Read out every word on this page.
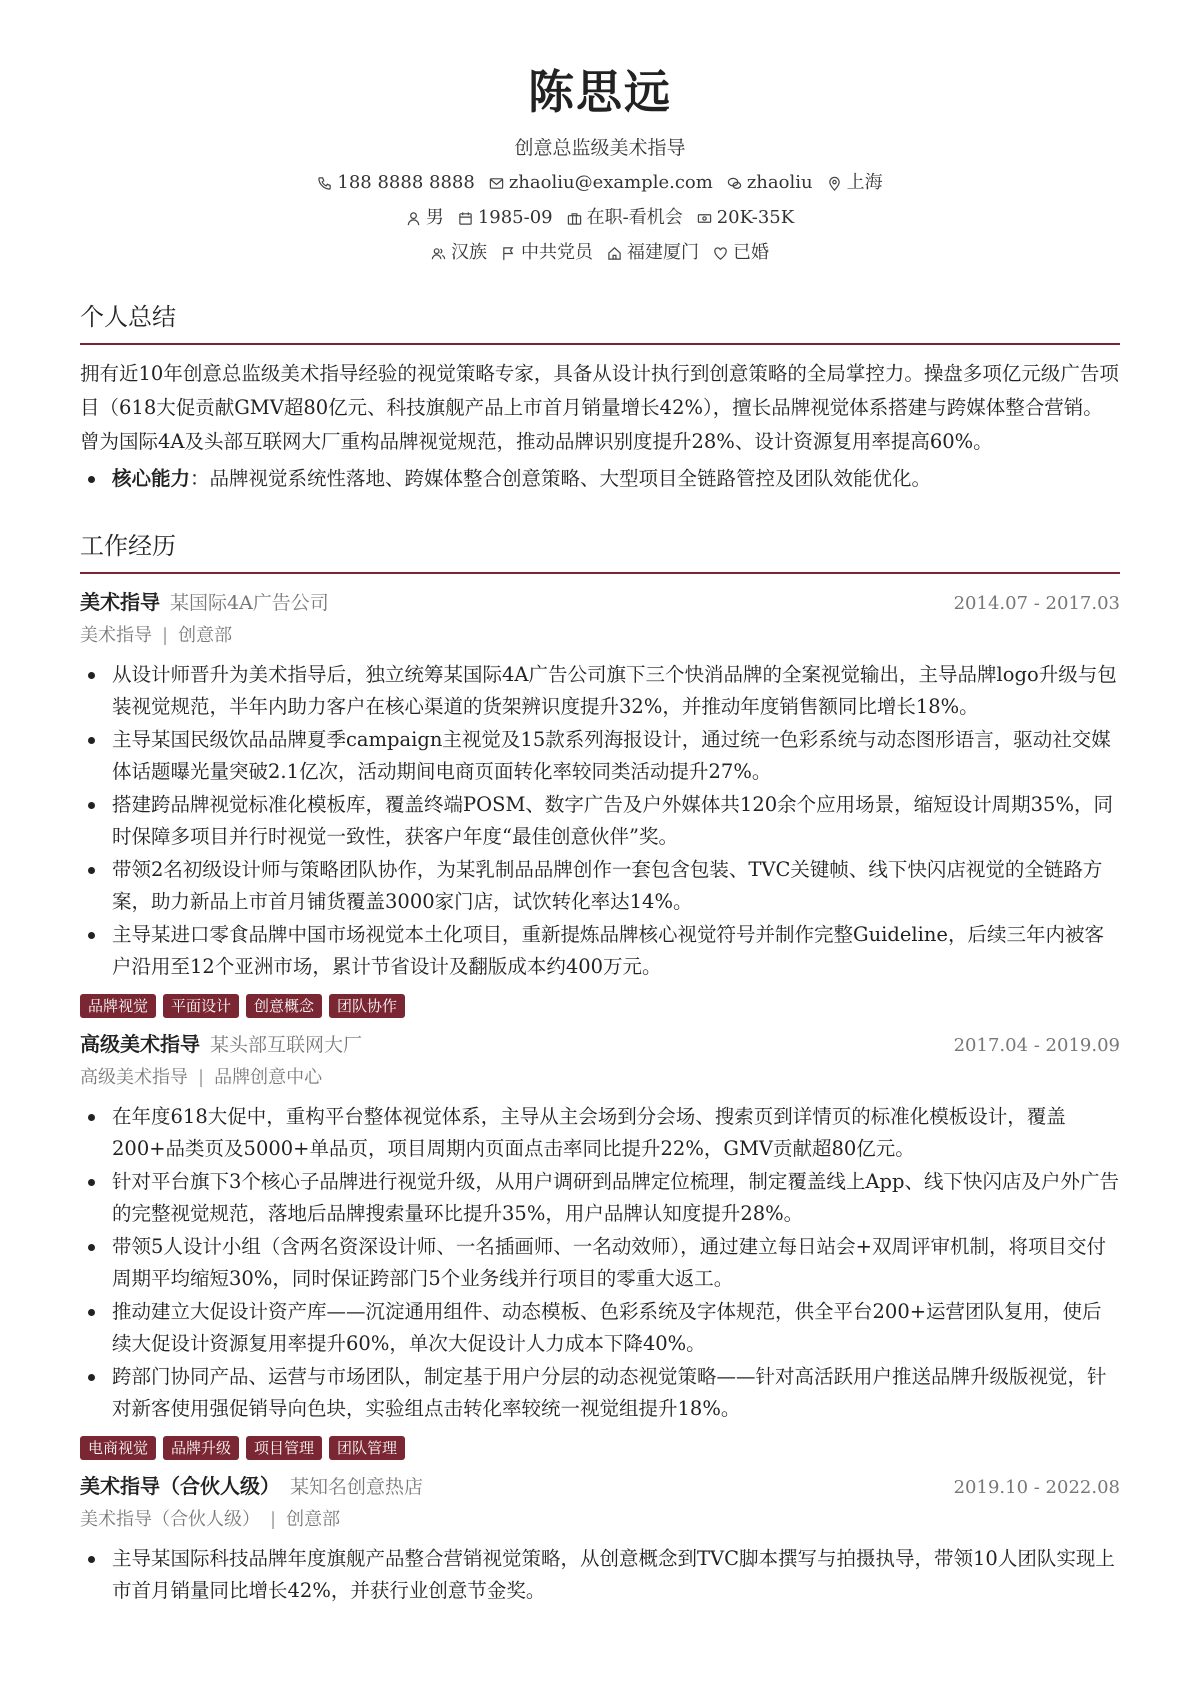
陈思远
创意总监级美术指导
188 8888 8888 zhaoliu@example.com zhaoliu 上海
男 1985-09 在职-看机会 20K-35K
汉族 中共党员 福建厦门 已婚
个人总结
拥有近10年创意总监级美术指导经验的视觉策略专家，具备从设计执行到创意策略的全局掌控力。操盘多项亿元级广告项目（618大促贡献GMV超80亿元、科技旗舰产品上市首月销量增长42%），擅长品牌视觉体系搭建与跨媒体整合营销。曾为国际4A及头部互联网大厂重构品牌视觉规范，推动品牌识别度提升28%、设计资源复用率提高60%。
核心能力：品牌视觉系统性落地、跨媒体整合创意策略、大型项目全链路管控及团队效能优化。
工作经历
美术指导 某国际4A广告公司	2014.07 - 2017.03
美术指导 | 创意部
从设计师晋升为美术指导后，独立统筹某国际4A广告公司旗下三个快消品牌的全案视觉输出，主导品牌logo升级与包装视觉规范，半年内助力客户在核心渠道的货架辨识度提升32%，并推动年度销售额同比增长18%。
主导某国民级饮品品牌夏季campaign主视觉及15款系列海报设计，通过统一色彩系统与动态图形语言，驱动社交媒体话题曝光量突破2.1亿次，活动期间电商页面转化率较同类活动提升27%。
搭建跨品牌视觉标准化模板库，覆盖终端POSM、数字广告及户外媒体共120余个应用场景，缩短设计周期35%，同时保障多项目并行时视觉一致性，获客户年度“最佳创意伙伴”奖。
带领2名初级设计师与策略团队协作，为某乳制品品牌创作一套包含包装、TVC关键帧、线下快闪店视觉的全链路方案，助力新品上市首月铺货覆盖3000家门店，试饮转化率达14%。
主导某进口零食品牌中国市场视觉本土化项目，重新提炼品牌核心视觉符号并制作完整Guideline，后续三年内被客户沿用至12个亚洲市场，累计节省设计及翻版成本约400万元。
品牌视觉	平面设计	创意概念	团队协作
高级美术指导 某头部互联网大厂	2017.04 - 2019.09
高级美术指导 | 品牌创意中心
在年度618大促中，重构平台整体视觉体系，主导从主会场到分会场、搜索页到详情页的标准化模板设计，覆盖200+品类页及5000+单品页，项目周期内页面点击率同比提升22%，GMV贡献超80亿元。
针对平台旗下3个核心子品牌进行视觉升级，从用户调研到品牌定位梳理，制定覆盖线上App、线下快闪店及户外广告的完整视觉规范，落地后品牌搜索量环比提升35%，用户品牌认知度提升28%。
带领5人设计小组（含两名资深设计师、一名插画师、一名动效师），通过建立每日站会+双周评审机制，将项目交付周期平均缩短30%，同时保证跨部门5个业务线并行项目的零重大返工。
推动建立大促设计资产库——沉淀通用组件、动态模板、色彩系统及字体规范，供全平台200+运营团队复用，使后续大促设计资源复用率提升60%，单次大促设计人力成本下降40%。
跨部门协同产品、运营与市场团队，制定基于用户分层的动态视觉策略——针对高活跃用户推送品牌升级版视觉，针对新客使用强促销导向色块，实验组点击转化率较统一视觉组提升18%。
电商视觉	品牌升级	项目管理	团队管理
美术指导（合伙人级） 某知名创意热店	2019.10 - 2022.08
美术指导（合伙人级） | 创意部
主导某国际科技品牌年度旗舰产品整合营销视觉策略，从创意概念到TVC脚本撰写与拍摄执导，带领10人团队实现上市首月销量同比增长42%，并获行业创意节金奖。
